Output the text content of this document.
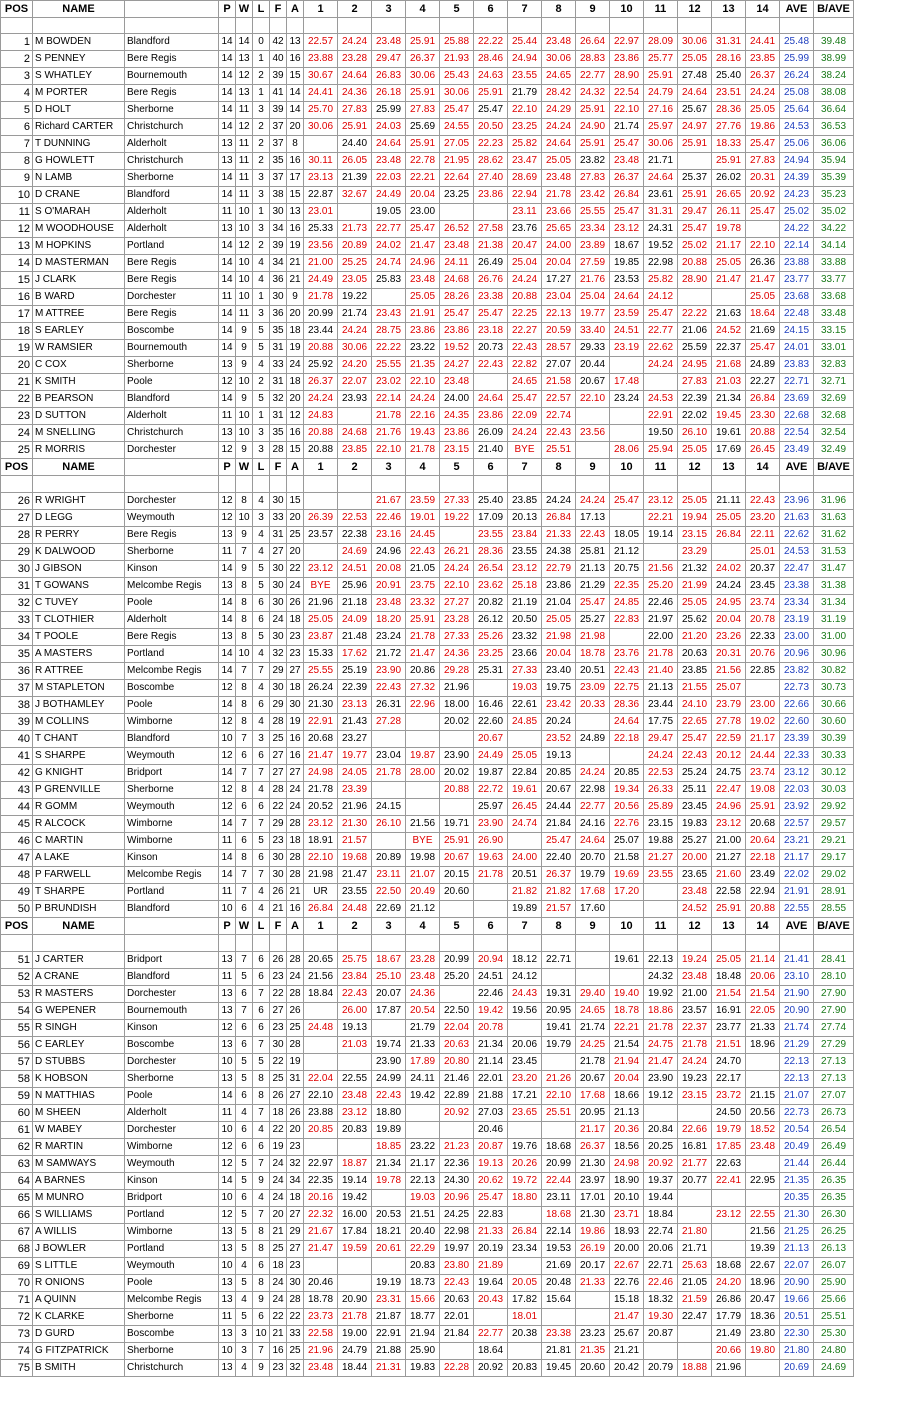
POS	NAME		P	W	L	F	A	1	2	3	4	5	6	7	8	9	10	11	12	13	14	AVE	B/AVE

1	M BOWDEN	Blandford	14	14	0	42	13	22.57	24.24	23.48	25.91	25.88	22.22	25.44	23.48	26.64	22.97	28.09	30.06	31.31	24.41	25.48	39.48
2	S PENNEY	Bere Regis	14	13	1	40	16	23.88	23.28	29.47	26.37	21.93	28.46	24.94	30.06	28.83	23.86	25.77	25.05	28.16	23.85	25.99	38.99
3	S WHATLEY	Bournemouth	14	12	2	39	15	30.67	24.64	26.83	30.06	25.43	24.63	23.55	24.65	22.77	28.90	25.91	27.48	25.40	26.37	26.24	38.24
4	M PORTER	Bere Regis	14	13	1	41	14	24.41	24.36	26.18	25.91	30.06	25.91	21.79	28.42	24.32	22.54	24.79	24.64	23.51	24.24	25.08	38.08
5	D HOLT	Sherborne	14	11	3	39	14	25.70	27.83	25.99	27.83	25.47	25.47	22.10	24.29	25.91	22.10	27.16	25.67	28.36	25.05	25.64	36.64
6	Richard CARTER	Christchurch	14	12	2	37	20	30.06	25.91	24.03	25.69	24.55	20.50	23.25	24.24	24.90	21.74	25.97	24.97	27.76	19.86	24.53	36.53
7	T DUNNING	Alderholt	13	11	2	37	8		24.40	24.64	25.91	27.05	22.23	25.82	24.64	25.91	25.47	30.06	25.91	18.33	25.47	25.06	36.06
8	G HOWLETT	Christchurch	13	11	2	35	16	30.11	26.05	23.48	22.78	21.95	28.62	23.47	25.05	23.82	23.48	21.71		25.91	27.83	24.94	35.94
9	N LAMB	Sherborne	14	11	3	37	17	23.13	21.39	22.03	22.21	22.64	27.40	28.69	23.48	27.83	26.37	24.64	25.37	26.02	20.31	24.39	35.39
10	D CRANE	Blandford	14	11	3	38	15	22.87	32.67	24.49	20.04	23.25	23.86	22.94	21.78	23.42	26.84	23.61	25.91	26.65	20.92	24.23	35.23
11	S O'MARAH	Alderholt	11	10	1	30	13	23.01		19.05	23.00			23.11	23.66	25.55	25.47	31.31	29.47	26.11	25.47	25.02	35.02
12	M WOODHOUSE	Alderholt	13	10	3	34	16	25.33	21.73	22.77	25.47	26.52	27.58	23.76	25.65	23.34	23.12	24.31	25.47	19.78		24.22	34.22
13	M HOPKINS	Portland	14	12	2	39	19	23.56	20.89	24.02	21.47	23.48	21.38	20.47	24.00	23.89	18.67	19.52	25.02	21.17	22.10	22.14	34.14
14	D MASTERMAN	Bere Regis	14	10	4	34	21	21.00	25.25	24.74	24.96	24.11	26.49	25.04	20.04	27.59	19.85	22.98	20.88	25.05	26.36	23.88	33.88
15	J CLARK	Bere Regis	14	10	4	36	21	24.49	23.05	25.83	23.48	24.68	26.76	24.24	17.27	21.76	23.53	25.82	28.90	21.47	21.47	23.77	33.77
16	B WARD	Dorchester	11	10	1	30	9	21.78	19.22		25.05	28.26	23.38	20.88	23.04	25.04	24.64	24.12			25.05	23.68	33.68
17	M ATTREE	Bere Regis	14	11	3	36	20	20.99	21.74	23.43	21.91	25.47	25.47	22.25	22.13	19.77	23.59	25.47	22.22	21.63	18.64	22.48	33.48
18	S EARLEY	Boscombe	14	9	5	35	18	23.44	24.24	28.75	23.86	23.86	23.18	22.27	20.59	33.40	24.51	22.77	21.06	24.52	21.69	24.15	33.15
19	W RAMSIER	Bournemouth	14	9	5	31	19	20.88	30.06	22.22	23.22	19.52	20.73	22.43	28.57	29.33	23.19	22.62	25.59	22.37	25.47	24.01	33.01
20	C COX	Sherborne	13	9	4	33	24	25.92	24.20	25.55	21.35	24.27	22.43	22.82	27.07	20.44		24.24	24.95	21.68	24.89	23.83	32.83
21	K SMITH	Poole	12	10	2	31	18	26.37	22.07	23.02	22.10	23.48		24.65	21.58	20.67	17.48		27.83	21.03	22.27	22.71	32.71
22	B PEARSON	Blandford	14	9	5	32	20	24.24	23.93	22.14	24.24	24.00	24.64	25.47	22.57	22.10	23.24	24.53	22.39	21.34	26.84	23.69	32.69
23	D SUTTON	Alderholt	11	10	1	31	12	24.83		21.78	22.16	24.35	23.86	22.09	22.74			22.91	22.02	19.45	23.30	22.68	32.68
24	M SNELLING	Christchurch	13	10	3	35	16	20.88	24.68	21.76	19.43	23.86	26.09	24.24	22.43	23.56		19.50	26.10	19.61	20.88	22.54	32.54
25	R MORRIS	Dorchester	12	9	3	28	15	20.88	23.85	22.10	21.78	23.15	21.40	BYE	25.51		28.06	25.94	25.05	17.69	26.45	23.49	32.49
POS	NAME		P	W	L	F	A	1	2	3	4	5	6	7	8	9	10	11	12	13	14	AVE	B/AVE

26	R WRIGHT	Dorchester	12	8	4	30	15			21.67	23.59	27.33	25.40	23.85	24.24	24.24	25.47	23.12	25.05	21.11	22.43	23.96	31.96
27	D LEGG	Weymouth	12	10	3	33	20	26.39	22.53	22.46	19.01	19.22	17.09	20.13	26.84	17.13		22.21	19.94	25.05	23.20	21.63	31.63
28	R PERRY	Bere Regis	13	9	4	31	25	23.57	22.38	23.16	24.45		23.55	23.84	21.33	22.43	18.05	19.14	23.15	26.84	22.11	22.62	31.62
29	K DALWOOD	Sherborne	11	7	4	27	20		24.69	24.96	22.43	26.21	28.36	23.55	24.38	25.81	21.12		23.29		25.01	24.53	31.53
30	J GIBSON	Kinson	14	9	5	30	22	23.12	24.51	20.08	21.05	24.24	26.54	23.12	22.79	21.13	20.75	21.56	21.32	24.02	20.37	22.47	31.47
31	T GOWANS	Melcombe Regis	13	8	5	30	24	BYE	25.96	20.91	23.75	22.10	23.62	25.18	23.86	21.29	22.35	25.20	21.99	24.24	23.45	23.38	31.38
32	C TUVEY	Poole	14	8	6	30	26	21.96	21.18	23.48	23.32	27.27	20.82	21.19	21.04	25.47	24.85	22.46	25.05	24.95	23.74	23.34	31.34
33	T CLOTHIER	Alderholt	14	8	6	24	18	25.05	24.09	18.20	25.91	23.28	26.12	20.50	25.05	25.27	22.83	21.97	25.62	20.04	20.78	23.19	31.19
34	T POOLE	Bere Regis	13	8	5	30	23	23.87	21.48	23.24	21.78	27.33	25.26	23.32	21.98	21.98		22.00	21.20	23.26	22.33	23.00	31.00
35	A MASTERS	Portland	14	10	4	32	23	15.33	17.62	21.72	21.47	24.36	23.25	23.66	20.04	18.78	23.76	21.78	20.63	20.31	20.76	20.96	30.96
36	R ATTREE	Melcombe Regis	14	7	7	29	27	25.55	25.19	23.90	20.86	29.28	25.31	27.33	23.40	20.51	22.43	21.40	23.85	21.56	22.85	23.82	30.82
37	M STAPLETON	Boscombe	12	8	4	30	18	26.24	22.39	22.43	27.32	21.96		19.03	19.75	23.09	22.75	21.13	21.55	25.07		22.73	30.73
38	J BOTHAMLEY	Poole	14	8	6	29	30	21.30	23.13	26.31	22.96	18.00	16.46	22.61	23.42	20.33	28.36	23.44	24.10	23.79	23.00	22.66	30.66
39	M COLLINS	Wimborne	12	8	4	28	19	22.91	21.43	27.28		20.02	22.60	24.85	20.24		24.64	17.75	22.65	27.78	19.02	22.60	30.60
40	T CHANT	Blandford	10	7	3	25	16	20.68	23.27				20.67		23.52	24.89	22.18	29.47	25.47	22.59	21.17	23.39	30.39
41	S SHARPE	Weymouth	12	6	6	27	16	21.47	19.77	23.04	19.87	23.90	24.49	25.05	19.13			24.24	22.43	20.12	24.44	22.33	30.33
42	G KNIGHT	Bridport	14	7	7	27	27	24.98	24.05	21.78	28.00	20.02	19.87	22.84	20.85	24.24	20.85	22.53	25.24	24.75	23.74	23.12	30.12
43	P GRENVILLE	Sherborne	12	8	4	28	24	21.78	23.39			20.88	22.72	19.61	20.67	22.98	19.34	26.33	25.11	22.47	19.08	22.03	30.03
44	R GOMM	Weymouth	12	6	6	22	24	20.52	21.96	24.15			25.97	26.45	24.44	22.77	20.56	25.89	23.45	24.96	25.91	23.92	29.92
45	R ALCOCK	Wimborne	14	7	7	29	28	23.12	21.30	26.10	21.56	19.71	23.90	24.74	21.84	24.16	22.76	23.15	19.83	23.12	20.68	22.57	29.57
46	C MARTIN	Wimborne	11	6	5	23	18	18.91	21.57		BYE	25.91	26.90		25.47	24.64	25.07	19.88	25.27	21.00	20.64	23.21	29.21
47	A LAKE	Kinson	14	8	6	30	28	22.10	19.68	20.89	19.98	20.67	19.63	24.00	22.40	20.70	21.58	21.27	20.00	21.27	22.18	21.17	29.17
48	P FARWELL	Melcombe Regis	14	7	7	30	28	21.98	21.47	23.11	21.07	20.15	21.78	20.51	26.37	19.79	19.69	23.55	23.65	21.60	23.49	22.02	29.02
49	T SHARPE	Portland	11	7	4	26	21	UR	23.55	22.50	20.49	20.60		21.82	21.82	17.68	17.20		23.48	22.58	22.94	21.91	28.91
50	P BRUNDISH	Blandford	10	6	4	21	16	26.84	24.48	22.69	21.12			19.89	21.57	17.60			24.52	25.91	20.88	22.55	28.55
POS	NAME		P	W	L	F	A	1	2	3	4	5	6	7	8	9	10	11	12	13	14	AVE	B/AVE

51	J CARTER	Bridport	13	7	6	26	28	20.65	25.75	18.67	23.28	20.99	20.94	18.12	22.71		19.61	22.13	19.24	25.05	21.14	21.41	28.41
52	A CRANE	Blandford	11	5	6	23	24	21.56	23.84	25.10	23.48	25.20	24.51	24.12				24.32	23.48	18.48	20.06	23.10	28.10
53	R MASTERS	Dorchester	13	6	7	22	28	18.84	22.43	20.07	24.36		22.46	24.43	19.31	29.40	19.40	19.92	21.00	21.54	21.54	21.90	27.90
54	G WEPENER	Bournemouth	13	7	6	27	26		26.00	17.87	20.54	22.50	19.42	19.56	20.95	24.65	18.78	18.86	23.57	16.91	22.05	20.90	27.90
55	R SINGH	Kinson	12	6	6	23	25	24.48	19.13		21.79	22.04	20.78		19.41	21.74	22.21	21.78	22.37	23.77	21.33	21.74	27.74
56	C EARLEY	Boscombe	13	6	7	30	28		21.03	19.74	21.33	20.63	21.34	20.06	19.79	24.25	21.54	24.75	21.78	21.51	18.96	21.29	27.29
57	D STUBBS	Dorchester	10	5	5	22	19			23.90	17.89	20.80	21.14	23.45		21.78	21.94	21.47	24.24	24.70		22.13	27.13
58	K HOBSON	Sherborne	13	5	8	25	31	22.04	22.55	24.99	24.11	21.46	22.01	23.20	21.26	20.67	20.04	23.90	19.23	22.17		22.13	27.13
59	N MATTHIAS	Poole	14	6	8	26	27	22.10	23.48	22.43	19.42	22.89	21.88	17.21	22.10	17.68	18.66	19.12	23.15	23.72	21.15	21.07	27.07
60	M SHEEN	Alderholt	11	4	7	18	26	23.88	23.12	18.80		20.92	27.03	23.65	25.51	20.95	21.13			24.50	20.56	22.73	26.73
61	W MABEY	Dorchester	10	6	4	22	20	20.85	20.83	19.89			20.46			21.17	20.36	20.84	22.66	19.79	18.52	20.54	26.54
62	R MARTIN	Wimborne	12	6	6	19	23			18.85	23.22	21.23	20.87	19.76	18.68	26.37	18.56	20.25	16.81	17.85	23.48	20.49	26.49
63	M SAMWAYS	Weymouth	12	5	7	24	32	22.97	18.87	21.34	21.17	22.36	19.13	20.26	20.99	21.30	24.98	20.92	21.77	22.63		21.44	26.44
64	A BARNES	Kinson	14	5	9	24	34	22.35	19.14	19.78	22.13	24.30	20.62	19.72	22.44	23.97	18.90	19.37	20.77	22.41	22.95	21.35	26.35
65	M MUNRO	Bridport	10	6	4	24	18	20.16	19.42		19.03	20.96	25.47	18.80	23.11	17.01	20.10	19.44				20.35	26.35
66	S WILLIAMS	Portland	12	5	7	20	27	22.32	16.00	20.53	21.51	24.25	22.83		18.68	21.30	23.71	18.84		23.12	22.55	21.30	26.30
67	A WILLIS	Wimborne	13	5	8	21	29	21.67	17.84	18.21	20.40	22.98	21.33	26.84	22.14	19.86	18.93	22.74	21.80		21.56	21.25	26.25
68	J BOWLER	Portland	13	5	8	25	27	21.47	19.59	20.61	22.29	19.97	20.19	23.34	19.53	26.19	20.00	20.06	21.71		19.39	21.13	26.13
69	S LITTLE	Weymouth	10	4	6	18	23				20.83	23.80	21.89		21.69	20.17	22.67	22.71	25.63	18.68	22.67	22.07	26.07
70	R ONIONS	Poole	13	5	8	24	30	20.46		19.19	18.73	22.43	19.64	20.05	20.48	21.33	22.76	22.46	21.05	24.20	18.96	20.90	25.90
71	A QUINN	Melcombe Regis	13	4	9	24	28	18.78	20.90	23.31	15.66	20.63	20.43	17.82	15.64		15.18	18.32	21.59	26.86	20.47	19.66	25.66
72	K CLARKE	Sherborne	11	5	6	22	22	23.73	21.78	21.87	18.77	22.01		18.01			21.47	19.30	22.47	17.79	18.36	20.51	25.51
73	D GURD	Boscombe	13	3	10	21	33	22.58	19.00	22.91	21.94	21.84	22.77	20.38	23.38	23.23	25.67	20.87		21.49	23.80	22.30	25.30
74	G FITZPATRICK	Sherborne	10	3	7	16	25	21.96	24.79	21.88	25.90		18.64		21.81	21.35	21.21			20.66	19.80	21.80	24.80
75	B SMITH	Christchurch	13	4	9	23	32	23.48	18.44	21.31	19.83	22.28	20.92	20.83	19.45	20.60	20.42	20.79	18.88	21.96		20.69	24.69
